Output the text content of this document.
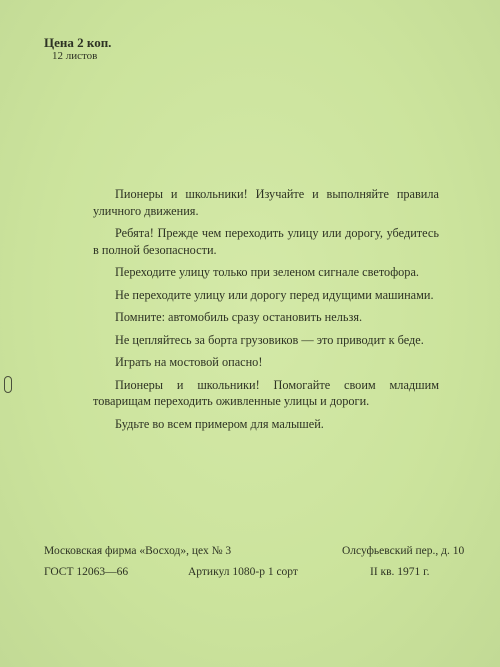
Цена 2 коп.
12 листов

Пионеры и школьники! Изучайте и выполняйте правила уличного движения.

Ребята! Прежде чем переходить улицу или дорогу, убедитесь в полной безопасности.

Переходите улицу только при зеленом сигнале светофора.

Не переходите улицу или дорогу перед идущими машинами.

Помните: автомобиль сразу остановить нельзя.

Не цепляйтесь за борта грузовиков — это приводит к беде.

Играть на мостовой опасно!

Пионеры и школьники! Помогайте своим младшим товарищам переходить оживленные улицы и дороги.

Будьте во всем примером для малышей.

Московская фирма «Восход», цех № 3	Олсуфьевский пер., д. 10
ГОСТ 12063—66	Артикул 1080-р 1 сорт	II кв. 1971 г.
